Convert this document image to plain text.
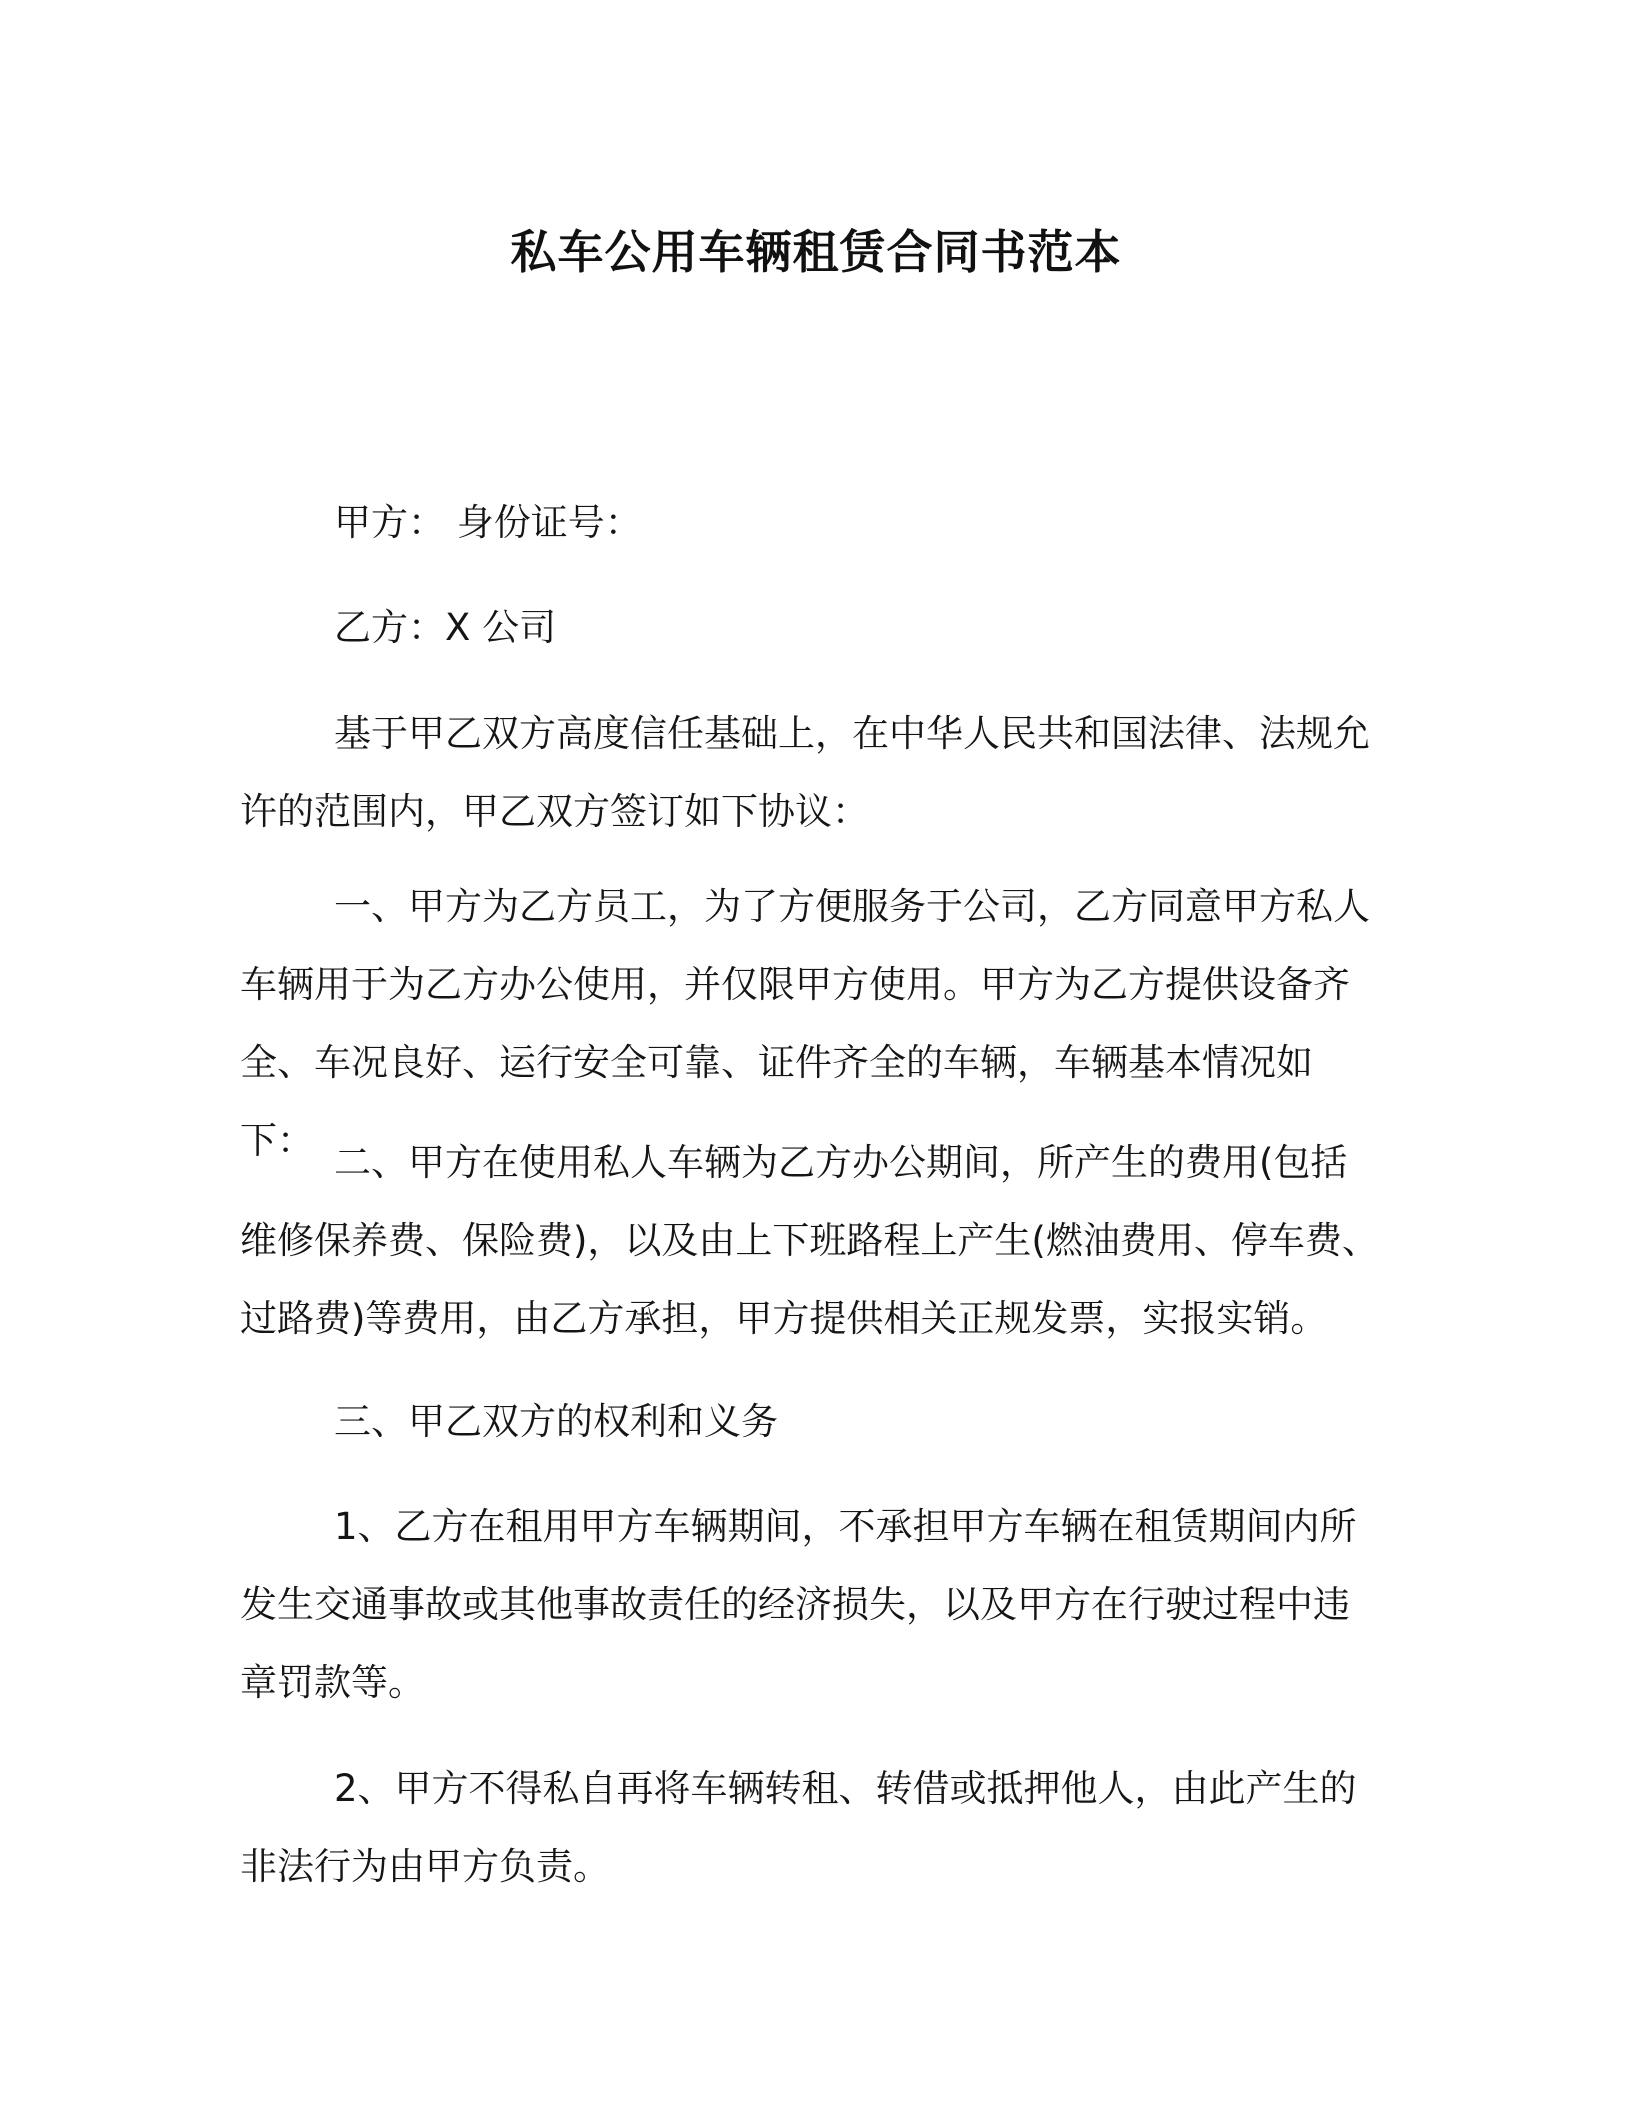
私车公用车辆租赁合同书范本

甲方： 身份证号：

乙方：X 公司

基于甲乙双方高度信任基础上，在中华人民共和国法律、法规允许的范围内，甲乙双方签订如下协议：

一、甲方为乙方员工，为了方便服务于公司，乙方同意甲方私人车辆用于为乙方办公使用，并仅限甲方使用。甲方为乙方提供设备齐全、车况良好、运行安全可靠、证件齐全的车辆，车辆基本情况如下：

二、甲方在使用私人车辆为乙方办公期间，所产生的费用(包括维修保养费、保险费)，以及由上下班路程上产生(燃油费用、停车费、过路费)等费用，由乙方承担，甲方提供相关正规发票，实报实销。

三、甲乙双方的权利和义务

1、乙方在租用甲方车辆期间，不承担甲方车辆在租赁期间内所发生交通事故或其他事故责任的经济损失，以及甲方在行驶过程中违章罚款等。

2、甲方不得私自再将车辆转租、转借或抵押他人，由此产生的非法行为由甲方负责。
